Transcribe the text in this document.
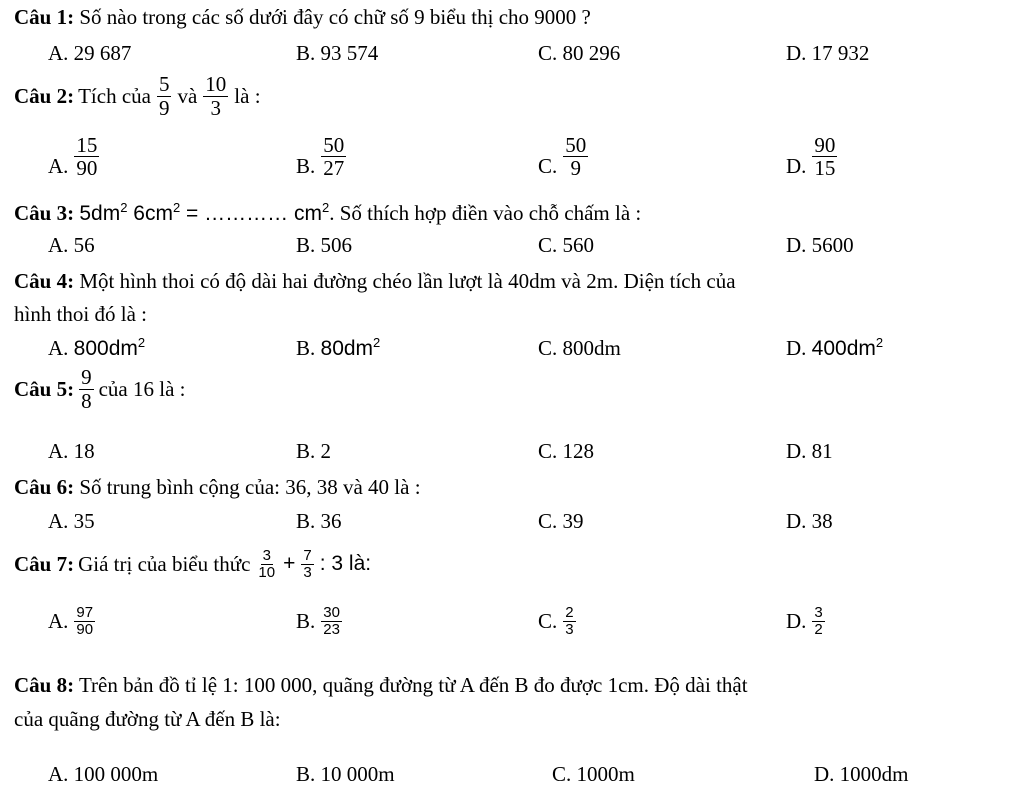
Câu 1: Số nào trong các số dưới đây có chữ số 9 biểu thị cho 9000 ?
A. 29 687	B. 93 574	C. 80 296	D. 17 932
Câu 2: Tích của $\frac{5}{9}$ và $\frac{10}{3}$ là :
A. $\frac{15}{90}$	B. $\frac{50}{27}$	C. $\frac{50}{9}$	D. $\frac{90}{15}$
Câu 3: $5dm^2$ $6cm^2$ = ………… $cm^2$. Số thích hợp điền vào chỗ chấm là :
A. 56	B. 506	C. 560	D. 5600
Câu 4: Một hình thoi có độ dài hai đường chéo lần lượt là 40dm và 2m. Diện tích của
hình thoi đó là :
A. $800dm^2$	B. $80dm^2$	C. 800dm	D. $400dm^2$
Câu 5: $\frac{9}{8}$ của 16 là :
A. 18	B. 2	C. 128	D. 81
Câu 6: Số trung bình cộng của: 36, 38 và 40 là :
A. 35	B. 36	C. 39	D. 38
Câu 7: Giá trị của biểu thức $\frac{3}{10} + \frac{7}{3}$ : 3 là:
A. $\frac{97}{90}$	B. $\frac{30}{23}$	C. $\frac{2}{3}$	D. $\frac{3}{2}$
Câu 8: Trên bản đồ tỉ lệ 1: 100 000, quãng đường từ A đến B đo được 1cm. Độ dài thật
của quãng đường từ A đến B là:
A. 100 000m	B. 10 000m	C. 1000m	D. 1000dm
